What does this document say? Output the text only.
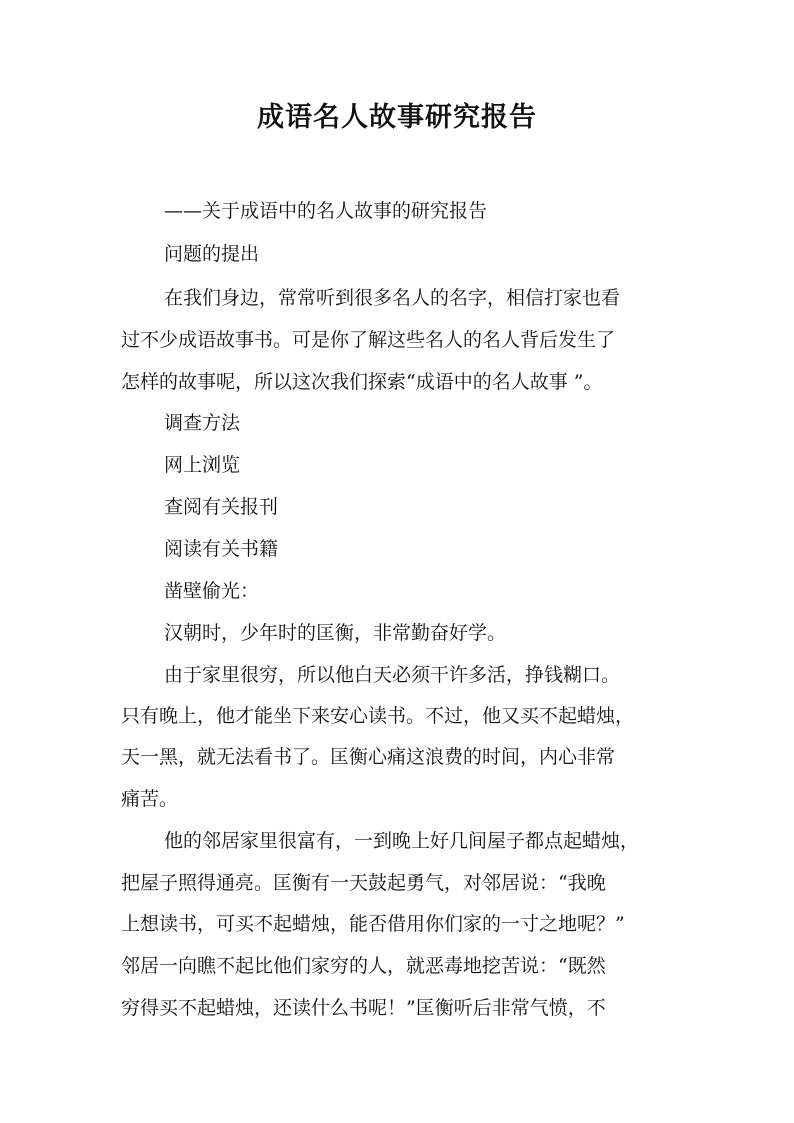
成语名人故事研究报告

——关于成语中的名人故事的研究报告

问题的提出

在我们身边，常常听到很多名人的名字，相信打家也看

过不少成语故事书。可是你了解这些名人的名人背后发生了

怎样的故事呢，所以这次我们探索“成语中的名人故事 ”。

调查方法

网上浏览

查阅有关报刊

阅读有关书籍

凿壁偷光：

汉朝时，少年时的匡衡，非常勤奋好学。

由于家里很穷，所以他白天必须干许多活，挣钱糊口。

只有晚上，他才能坐下来安心读书。不过，他又买不起蜡烛，

天一黑，就无法看书了。匡衡心痛这浪费的时间，内心非常

痛苦。

他的邻居家里很富有，一到晚上好几间屋子都点起蜡烛，

把屋子照得通亮。匡衡有一天鼓起勇气，对邻居说：“我晚

上想读书，可买不起蜡烛，能否借用你们家的一寸之地呢？”

邻居一向瞧不起比他们家穷的人，就恶毒地挖苦说：“既然

穷得买不起蜡烛，还读什么书呢！”匡衡听后非常气愤，不
